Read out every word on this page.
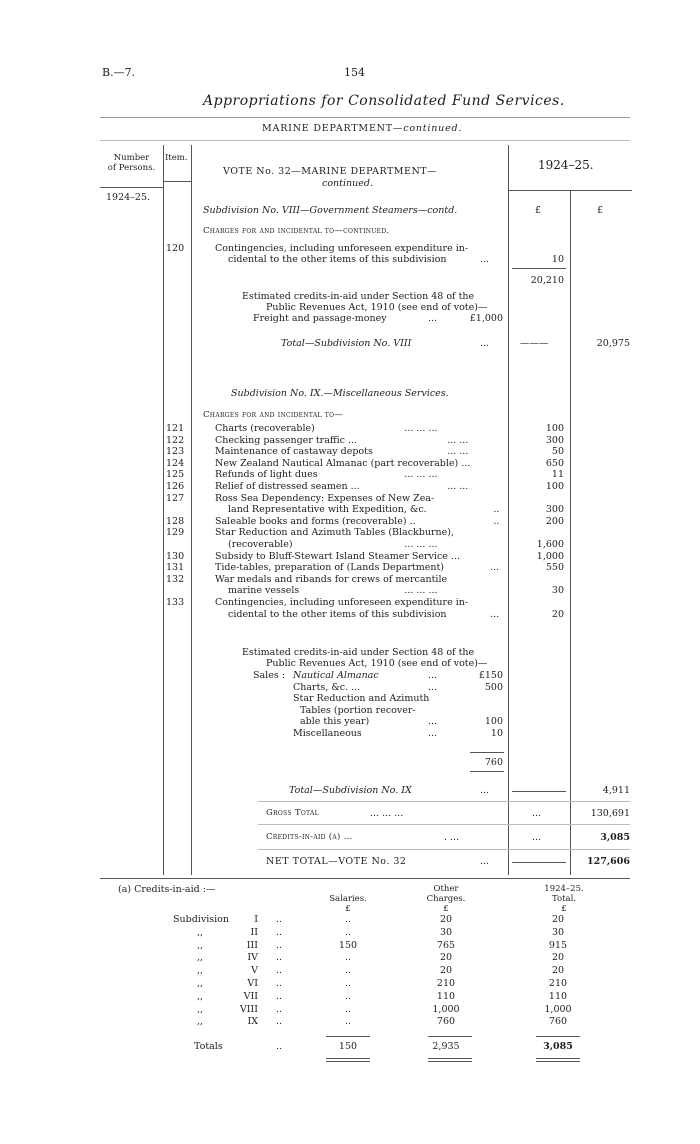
B.—7.	154
Appropriations for Consolidated Fund Services.
MARINE DEPARTMENT—continued.
Number
of Persons.
Item.
VOTE No. 32—MARINE DEPARTMENT—
continued.
1924–25.
1924–25.
£	£
Subdivision No. VIII—Government Steamers—contd.
Charges for and incidental to—continued.
120	Contingencies, including unforeseen expenditure in-
cidental to the other items of this subdivision	...	10
20,210
Estimated credits-in-aid under Section 48 of the
Public Revenues Act, 1910 (see end of vote)—
Freight and passage-money	...	£1,000
Total—Subdivision No. VIII	...	———	20,975
Subdivision No. IX.—Miscellaneous Services.
Charges for and incidental to—
121	Charts (recoverable)	... ... ...	100
122	Checking passenger traffic ...	... ...	300
123	Maintenance of castaway depots	... ...	50
124	New Zealand Nautical Almanac (part recoverable) ...	650
125	Refunds of light dues	... ... ...	11
126	Relief of distressed seamen ...	... ...	100
127	Ross Sea Dependency: Expenses of New Zea-
land Representative with Expedition, &c.	..	300
128	Saleable books and forms (recoverable) ..	..	200
129	Star Reduction and Azimuth Tables (Blackburne),
(recoverable)	... ... ...	1,600
130	Subsidy to Bluff-Stewart Island Steamer Service ...	1,000
131	Tide-tables, preparation of (Lands Department)	...	550
132	War medals and ribands for crews of mercantile
marine vessels	... ... ...	30
133	Contingencies, including unforeseen expenditure in-
cidental to the other items of this subdivision	...	20
Estimated credits-in-aid under Section 48 of the
Public Revenues Act, 1910 (see end of vote)—
Sales : Nautical Almanac	...	£150
Charts, &c. ...	...	500
Star Reduction and Azimuth
Tables (portion recover-
able this year)	...	100
Miscellaneous	...	10
760
Total—Subdivision No. IX	...	4,911
Gross Total	... ... ...	...	130,691
Credits-in-aid (a) ...	. ...	...	3,085
NET TOTAL—VOTE No. 32	...	127,606
(a) Credits-in-aid :—
Salaries.
Other
Charges.
1924–25.
Total.
£	£	£
Subdivision	I ..	..	20	20
,,	II ..	..	30	30
,,	III ..	150	765	915
,,	IV ..	..	20	20
,,	V ..	..	20	20
,,	VI ..	..	210	210
,,	VII ..	..	110	110
,,	VIII ..	..	1,000	1,000
,,	IX ..	..	760	760
Totals	..	150	2,935	3,085
